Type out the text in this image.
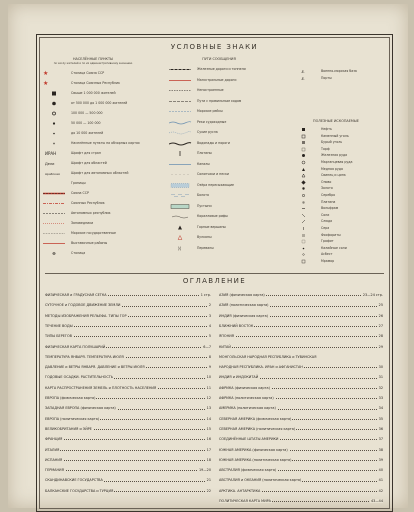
УСЛОВНЫЕ ЗНАКИ
НАСЕЛЁННЫЕ ПУНКТЫ
по числу жителей и по их административному значению
ПУТИ СООБЩЕНИЯ
ПОЛЕЗНЫЕ ИСКОПАЕМЫЕ
★	Столица Союза ССР
★	Столица Союзных Республик
Свыше 1 000 000 жителей
от 500 000 до 1 000 000 жителей
100 000 — 500 000
50 000 — 100 000
до 10 000 жителей
Населённые пункты на обзорных картах
ИРАН	Шрифт для стран
Дели	Шрифт для областей
Арабская	Шрифт для автономных областей
Границы
Союза ССР
Союзных Республик
Автономных республик
Заповедники
Морские государственные
Выставочные районы
Столица
Железные дороги и тоннели
Магистральные дороги
Непостроенные
Пути с правильным ходом
Морские рейсы
Реки судоходные
Сухие русла
Водопады и пороги
Плотины
Каналы
Солончаки и пески
Озёра пересыхающие
Болота
Пустыни
Коралловые рифы
Горные вершины
Вулканы
)(	Перевалы
⚓	Военно-морская база
⚓	Порты
Нефть
Каменный уголь
Бурый уголь
Торф
Железная руда
Марганцевая руда
Медная руда
Свинец и цинк
Олово
Золото
Серебро
Платина
Вольфрам
Соли
Слюда
Сера
Фосфориты
Графит
Калийные соли
Асбест
Мрамор
ОГЛАВЛЕНИЕ
ФИЗИЧЕСКАЯ и ГРАДУСНАЯ СЕТКА	1 стр.
СУТОЧНОЕ и ГОДОВОЕ ДВИЖЕНИЕ ЗЕМЛИ	2
МЕТОДЫ ИЗОБРАЖЕНИЯ РЕЛЬЕФА. ТИПЫ ГОР	3
ТЕЧЕНИЕ ВОДЫ	4
ТИПЫ БЕРЕГОВ	5
ФИЗИЧЕСКАЯ КАРТА ПОЛУШАРИЙ	6—7
ТЕМПЕРАТУРА ЯНВАРЯ. ТЕМПЕРАТУРА ИЮЛЯ	8
ДАВЛЕНИЕ и ВЕТРЫ ЯНВАРЯ. ДАВЛЕНИЕ и ВЕТРЫ ИЮЛЯ	9
ГОДОВЫЕ ОСАДКИ. РАСТИТЕЛЬНОСТЬ	10
КАРТА РАСПРОСТРАНЕНИЯ ЗЕМЕЛЬ и ПЛОТНОСТЬ НАСЕЛЕНИЯ	11
ЕВРОПА (физическая карта)	12
ЗАПАДНАЯ ЕВРОПА (физическая карта)	13
ЕВРОПА (политическая карта)	14
ВЕЛИКОБРИТАНИЯ и ЭЙРЕ	15
ФРАНЦИЯ	16
ИТАЛИЯ	17
ИСПАНИЯ	18
ГЕРМАНИЯ	19—20
СКАНДИНАВСКИЕ ГОСУДАРСТВА	21
БАЛКАНСКИЕ ГОСУДАРСТВА и ТУРЦИЯ	22
АЗИЯ (физическая карта)	23—24 стр.
АЗИЯ (политическая карта)	25
ИНДИЯ (физическая карта)	26
БЛИЖНИЙ ВОСТОК	27
ЯПОНИЯ	28
КИТАЙ	29
МОНГОЛЬСКАЯ НАРОДНАЯ РЕСПУБЛИКА и ТУВИНСКАЯ
НАРОДНАЯ РЕСПУБЛИКА. ИРАН и АФГАНИСТАН	30
ИНДИЯ и ИНДОКИТАЙ	31
АФРИКА (физическая карта)	32
АФРИКА (политическая карта)	33
АМЕРИКА (политическая карта)	34
СЕВЕРНАЯ АМЕРИКА (физическая карта)	35
СЕВЕРНАЯ АМЕРИКА (политическая карта)	36
СОЕДИНЁННЫЕ ШТАТЫ АМЕРИКИ	37
ЮЖНАЯ АМЕРИКА (физическая карта)	38
ЮЖНАЯ АМЕРИКА (политическая карта)	39
АВСТРАЛИЯ (физическая карта)	40
АВСТРАЛИЯ и ОКЕАНИЯ (политическая карта)	41
АРКТИКА. АНТАРКТИКА	42
ПОЛИТИЧЕСКАЯ КАРТА МИРА	43—44
